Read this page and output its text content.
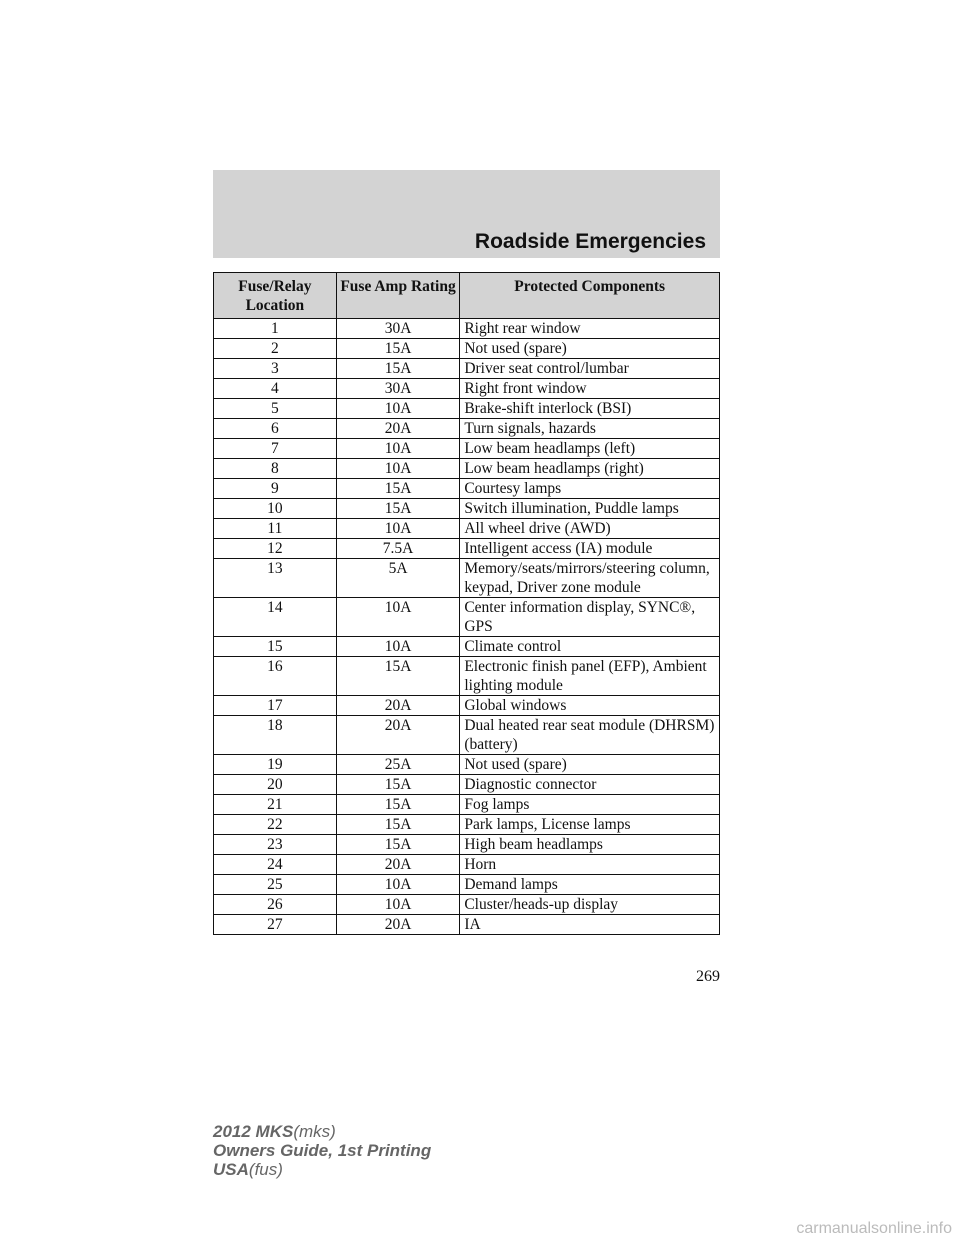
Roadside Emergencies
Fuse/Relay Location	Fuse Amp Rating	Protected Components
1	30A	Right rear window
2	15A	Not used (spare)
3	15A	Driver seat control/lumbar
4	30A	Right front window
5	10A	Brake-shift interlock (BSI)
6	20A	Turn signals, hazards
7	10A	Low beam headlamps (left)
8	10A	Low beam headlamps (right)
9	15A	Courtesy lamps
10	15A	Switch illumination, Puddle lamps
11	10A	All wheel drive (AWD)
12	7.5A	Intelligent access (IA) module
13	5A	Memory/seats/mirrors/steering column, keypad, Driver zone module
14	10A	Center information display, SYNC®, GPS
15	10A	Climate control
16	15A	Electronic finish panel (EFP), Ambient lighting module
17	20A	Global windows
18	20A	Dual heated rear seat module (DHRSM) (battery)
19	25A	Not used (spare)
20	15A	Diagnostic connector
21	15A	Fog lamps
22	15A	Park lamps, License lamps
23	15A	High beam headlamps
24	20A	Horn
25	10A	Demand lamps
26	10A	Cluster/heads-up display
27	20A	IA
269
2012 MKS(mks)
Owners Guide, 1st Printing
USA(fus)
carmanualsonline.info
